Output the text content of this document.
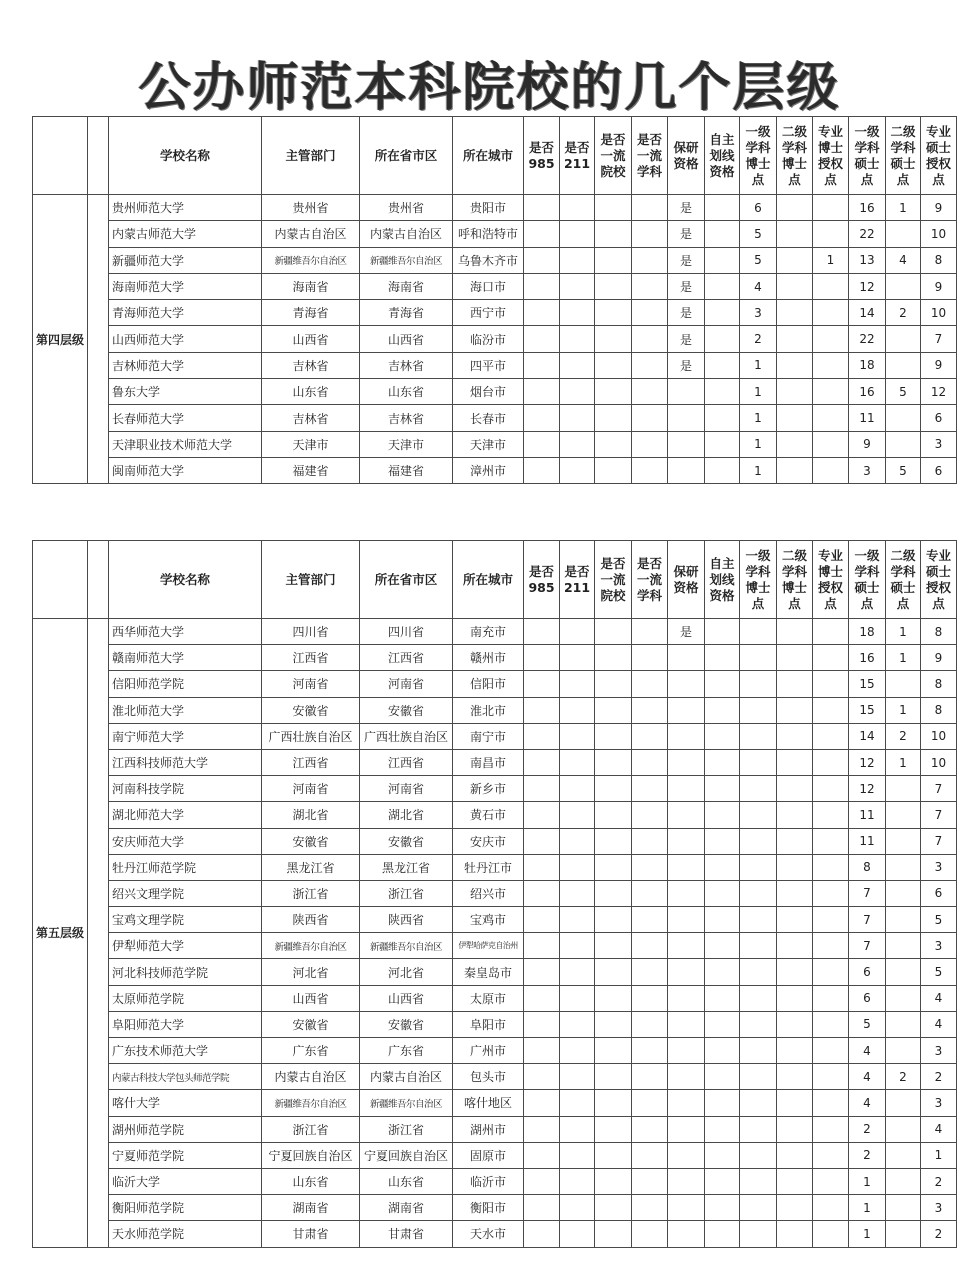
公办师范本科院校的几个层级
		学校名称	主管部门	所在省市区	所在城市	是否985	是否211	是否一流院校	是否一流学科	保研资格	自主划线资格	一级学科博士点	二级学科博士点	专业博士授权点	一级学科硕士点	二级学科硕士点	专业硕士授权点
第四层级		贵州师范大学	贵州省	贵州省	贵阳市					是		6			16	1	9
		内蒙古师范大学	内蒙古自治区	内蒙古自治区	呼和浩特市					是		5			22		10
		新疆师范大学	新疆维吾尔自治区	新疆维吾尔自治区	乌鲁木齐市					是		5		1	13	4	8
		海南师范大学	海南省	海南省	海口市					是		4			12		9
		青海师范大学	青海省	青海省	西宁市					是		3			14	2	10
		山西师范大学	山西省	山西省	临汾市					是		2			22		7
		吉林师范大学	吉林省	吉林省	四平市					是		1			18		9
		鲁东大学	山东省	山东省	烟台市							1			16	5	12
		长春师范大学	吉林省	吉林省	长春市							1			11		6
		天津职业技术师范大学	天津市	天津市	天津市							1			9		3
		闽南师范大学	福建省	福建省	漳州市							1			3	5	6
		学校名称	主管部门	所在省市区	所在城市	是否985	是否211	是否一流院校	是否一流学科	保研资格	自主划线资格	一级学科博士点	二级学科博士点	专业博士授权点	一级学科硕士点	二级学科硕士点	专业硕士授权点
第五层级		西华师范大学	四川省	四川省	南充市					是					18	1	8
		赣南师范大学	江西省	江西省	赣州市										16	1	9
		信阳师范学院	河南省	河南省	信阳市										15		8
		淮北师范大学	安徽省	安徽省	淮北市										15	1	8
		南宁师范大学	广西壮族自治区	广西壮族自治区	南宁市										14	2	10
		江西科技师范大学	江西省	江西省	南昌市										12	1	10
		河南科技学院	河南省	河南省	新乡市										12		7
		湖北师范大学	湖北省	湖北省	黄石市										11		7
		安庆师范大学	安徽省	安徽省	安庆市										11		7
		牡丹江师范学院	黑龙江省	黑龙江省	牡丹江市										8		3
		绍兴文理学院	浙江省	浙江省	绍兴市										7		6
		宝鸡文理学院	陕西省	陕西省	宝鸡市										7		5
		伊犁师范大学	新疆维吾尔自治区	新疆维吾尔自治区	伊犁哈萨克自治州										7		3
		河北科技师范学院	河北省	河北省	秦皇岛市										6		5
		太原师范学院	山西省	山西省	太原市										6		4
		阜阳师范大学	安徽省	安徽省	阜阳市										5		4
		广东技术师范大学	广东省	广东省	广州市										4		3
		内蒙古科技大学包头师范学院	内蒙古自治区	内蒙古自治区	包头市										4	2	2
		喀什大学	新疆维吾尔自治区	新疆维吾尔自治区	喀什地区										4		3
		湖州师范学院	浙江省	浙江省	湖州市										2		4
		宁夏师范学院	宁夏回族自治区	宁夏回族自治区	固原市										2		1
		临沂大学	山东省	山东省	临沂市										1		2
		衡阳师范学院	湖南省	湖南省	衡阳市										1		3
		天水师范学院	甘肃省	甘肃省	天水市										1		2
